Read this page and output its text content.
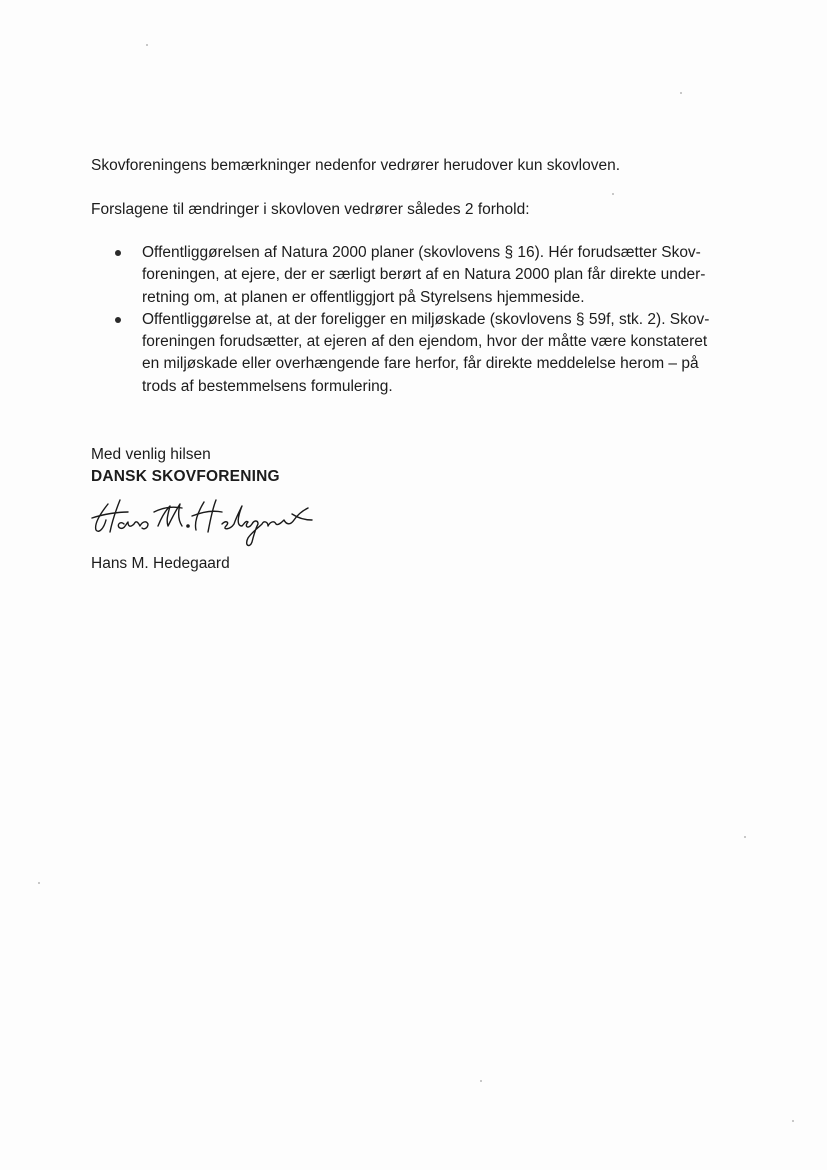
Skovforeningens bemærkninger nedenfor vedrører herudover kun skovloven.
Forslagene til ændringer i skovloven vedrører således 2 forhold:
Offentliggørelsen af Natura 2000 planer (skovlovens § 16). Hér forudsætter Skov-
foreningen, at ejere, der er særligt berørt af en Natura 2000 plan får direkte under-
retning om, at planen er offentliggjort på Styrelsens hjemmeside.
Offentliggørelse at, at der foreligger en miljøskade (skovlovens § 59f, stk. 2). Skov-
foreningen forudsætter, at ejeren af den ejendom, hvor der måtte være konstateret
en miljøskade eller overhængende fare herfor, får direkte meddelelse herom – på
trods af bestemmelsens formulering.
Med venlig hilsen
DANSK SKOVFORENING
Hans M. Hedegaard
